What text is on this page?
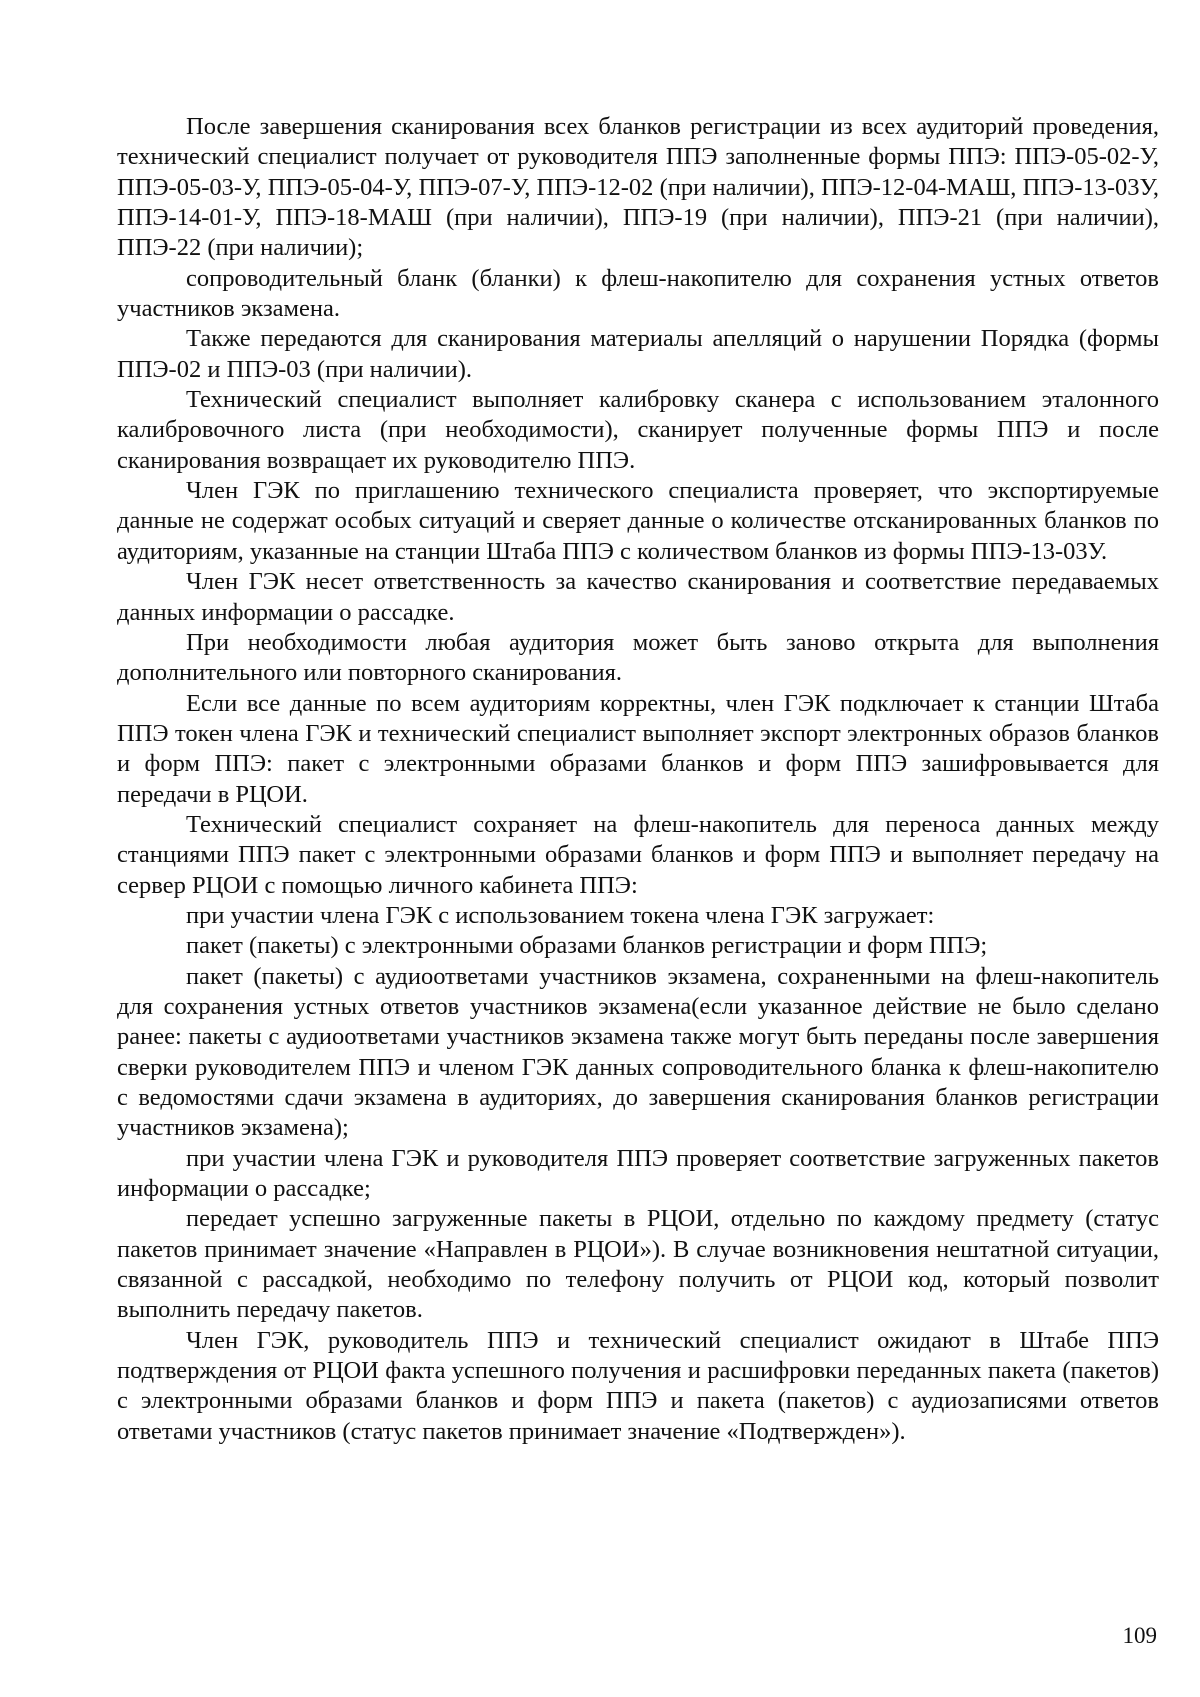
После завершения сканирования всех бланков регистрации из всех аудиторий проведения, технический специалист получает от руководителя ППЭ заполненные формы ППЭ: ППЭ-05-02-У, ППЭ-05-03-У, ППЭ-05-04-У, ППЭ-07-У, ППЭ-12-02 (при наличии), ППЭ-12-04-МАШ, ППЭ-13-03У, ППЭ-14-01-У, ППЭ-18-МАШ (при наличии), ППЭ-19 (при наличии), ППЭ-21 (при наличии), ППЭ-22 (при наличии);

сопроводительный бланк (бланки) к флеш-накопителю для сохранения устных ответов участников экзамена.

Также передаются для сканирования материалы апелляций о нарушении Порядка (формы ППЭ-02 и ППЭ-03 (при наличии).

Технический специалист выполняет калибровку сканера с использованием эталонного калибровочного листа (при необходимости), сканирует полученные формы ППЭ и после сканирования возвращает их руководителю ППЭ.

Член ГЭК по приглашению технического специалиста проверяет, что экспортируемые данные не содержат особых ситуаций и сверяет данные о количестве отсканированных бланков по аудиториям, указанные на станции Штаба ППЭ с количеством бланков из формы ППЭ-13-03У.

Член ГЭК несет ответственность за качество сканирования и соответствие передаваемых данных информации о рассадке.

При необходимости любая аудитория может быть заново открыта для выполнения дополнительного или повторного сканирования.

Если все данные по всем аудиториям корректны, член ГЭК подключает к станции Штаба ППЭ токен члена ГЭК и технический специалист выполняет экспорт электронных образов бланков и форм ППЭ: пакет с электронными образами бланков и форм ППЭ зашифровывается для передачи в РЦОИ.

Технический специалист сохраняет на флеш-накопитель для переноса данных между станциями ППЭ пакет с электронными образами бланков и форм ППЭ и выполняет передачу на сервер РЦОИ с помощью личного кабинета ППЭ:

при участии члена ГЭК с использованием токена члена ГЭК загружает:

пакет (пакеты) с электронными образами бланков регистрации и форм ППЭ;

пакет (пакеты) с аудиоответами участников экзамена, сохраненными на флеш-накопитель для сохранения устных ответов участников экзамена(если указанное действие не было сделано ранее: пакеты с аудиоответами участников экзамена также могут быть переданы после завершения сверки руководителем ППЭ и членом ГЭК данных сопроводительного бланка к флеш-накопителю с ведомостями сдачи экзамена в аудиториях, до завершения сканирования бланков регистрации участников экзамена);

при участии члена ГЭК и руководителя ППЭ проверяет соответствие загруженных пакетов информации о рассадке;

передает успешно загруженные пакеты в РЦОИ, отдельно по каждому предмету (статус пакетов принимает значение «Направлен в РЦОИ»). В случае возникновения нештатной ситуации, связанной с рассадкой, необходимо по телефону получить от РЦОИ код, который позволит выполнить передачу пакетов.

Член ГЭК, руководитель ППЭ и технический специалист ожидают в Штабе ППЭ подтверждения от РЦОИ факта успешного получения и расшифровки переданных пакета (пакетов) с электронными образами бланков и форм ППЭ и пакета (пакетов) с аудиозаписями ответов ответами участников (статус пакетов принимает значение «Подтвержден»).

109
